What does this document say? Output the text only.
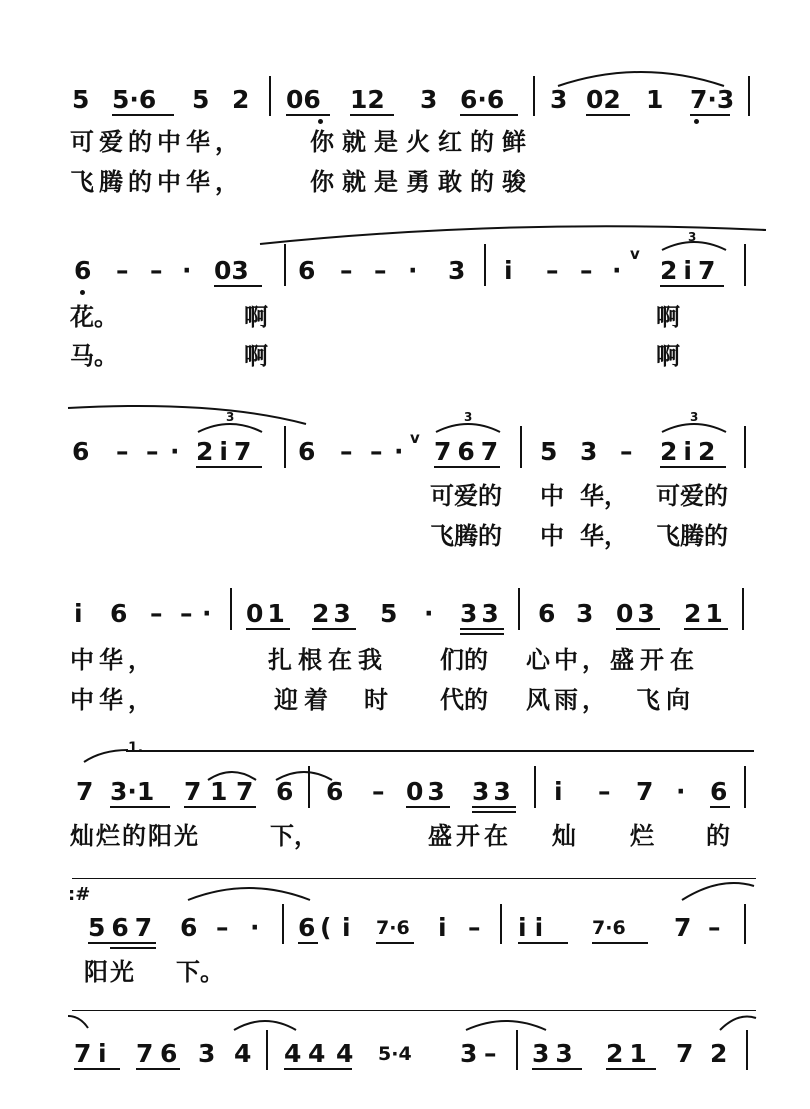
5 5·6 5 2 06 12 3 6·6 3 02 1 7·3
可爱的中华，	你就是火红的鲜
飞腾的中华，	你就是勇敢的骏
6 – – · 03 6 – – · 3 i – – ·
v
2i7
3
花。	啊	啊
马。	啊	啊
6 – – · 2i7 6 – – · v 767 5 3 – 2i2
3	3	3
可爱的 中 华， 可爱的
飞腾的 中 华， 飞腾的
i 6 – – · 01 23 5 · 33 6 3 03 21
中华，	扎根在我 们的 心中， 盛开在
中华，	迎着 时 代的 风雨， 飞向
1.
7 3·1 7 1 7 6 6 – 03 33 i – 7 · 6
灿烂的阳光	下，	盛开在 灿 烂 的
:#
567 6 – · 6 ( i 7·6 i – ii 7·6 7 –
阳光 下。
7 i 7 6 3 4 4 4 4 5·4 3 – 33 21 7 2
